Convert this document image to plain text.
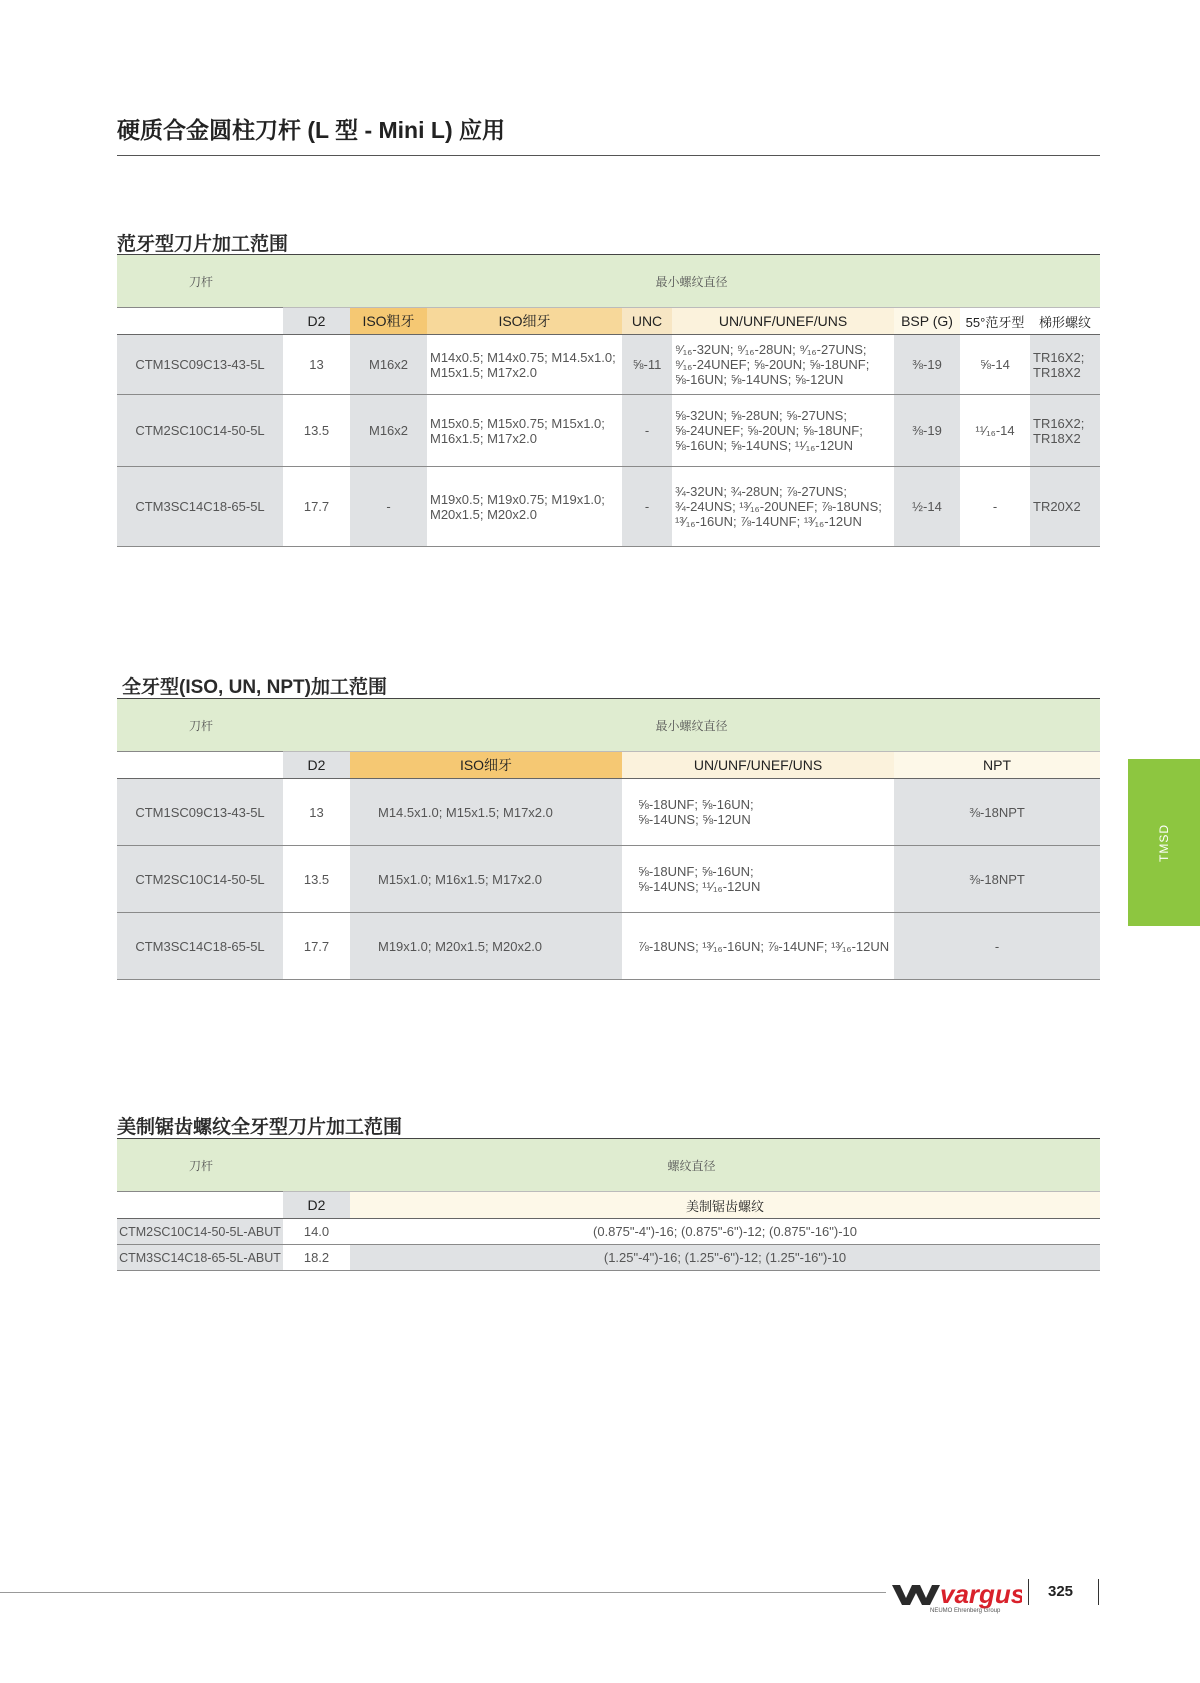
硬质合金圆柱刀杆 (L 型 - Mini L) 应用
范牙型刀片加工范围
刀杆	最小螺纹直径							
	D2	ISO粗牙	ISO细牙	UNC	UN/UNF/UNEF/UNS	BSP (G)	55°范牙型	梯形螺纹
CTM1SC09C13-43-5L	13	M16x2	M14x0.5; M14x0.75; M14.5x1.0; M15x1.5; M17x2.0	⅝-11	⁹⁄₁₆-32UN; ⁹⁄₁₆-28UN; ⁹⁄₁₆-27UNS; ⁹⁄₁₆-24UNEF; ⅝-20UN; ⅝-18UNF; ⅝-16UN; ⅝-14UNS; ⅝-12UN	⅜-19	⅝-14	TR16X2; TR18X2
CTM2SC10C14-50-5L	13.5	M16x2	M15x0.5; M15x0.75; M15x1.0; M16x1.5; M17x2.0	-	⅝-32UN; ⅝-28UN; ⅝-27UNS; ⅝-24UNEF; ⅝-20UN; ⅝-18UNF; ⅝-16UN; ⅝-14UNS; ¹¹⁄₁₆-12UN	⅜-19	¹¹⁄₁₆-14	TR16X2; TR18X2
CTM3SC14C18-65-5L	17.7	-	M19x0.5; M19x0.75; M19x1.0; M20x1.5; M20x2.0	-	¾-32UN; ¾-28UN; ⅞-27UNS; ¾-24UNS; ¹³⁄₁₆-20UNEF; ⅞-18UNS; ¹³⁄₁₆-16UN; ⅞-14UNF; ¹³⁄₁₆-12UN	½-14	-	TR20X2
全牙型(ISO, UN, NPT)加工范围
刀杆	最小螺纹直径			
	D2	ISO细牙	UN/UNF/UNEF/UNS	NPT
CTM1SC09C13-43-5L	13	M14.5x1.0; M15x1.5; M17x2.0	⅝-18UNF; ⅝-16UN; ⅝-14UNS; ⅝-12UN	⅜-18NPT
CTM2SC10C14-50-5L	13.5	M15x1.0; M16x1.5; M17x2.0	⅝-18UNF; ⅝-16UN; ⅝-14UNS; ¹¹⁄₁₆-12UN	⅜-18NPT
CTM3SC14C18-65-5L	17.7	M19x1.0; M20x1.5; M20x2.0	⅞-18UNS; ¹³⁄₁₆-16UN; ⅞-14UNF; ¹³⁄₁₆-12UN	-
美制锯齿螺纹全牙型刀片加工范围
刀杆	螺纹直径	
	D2	美制锯齿螺纹
CTM2SC10C14-50-5L-ABUT	14.0	(0.875"-4")-16; (0.875"-6")-12; (0.875"-16")-10
CTM3SC14C18-65-5L-ABUT	18.2	(1.25"-4")-16; (1.25"-6")-12; (1.25"-16")-10
TMSD
vargus
NEUMO Ehrenberg Group
325
